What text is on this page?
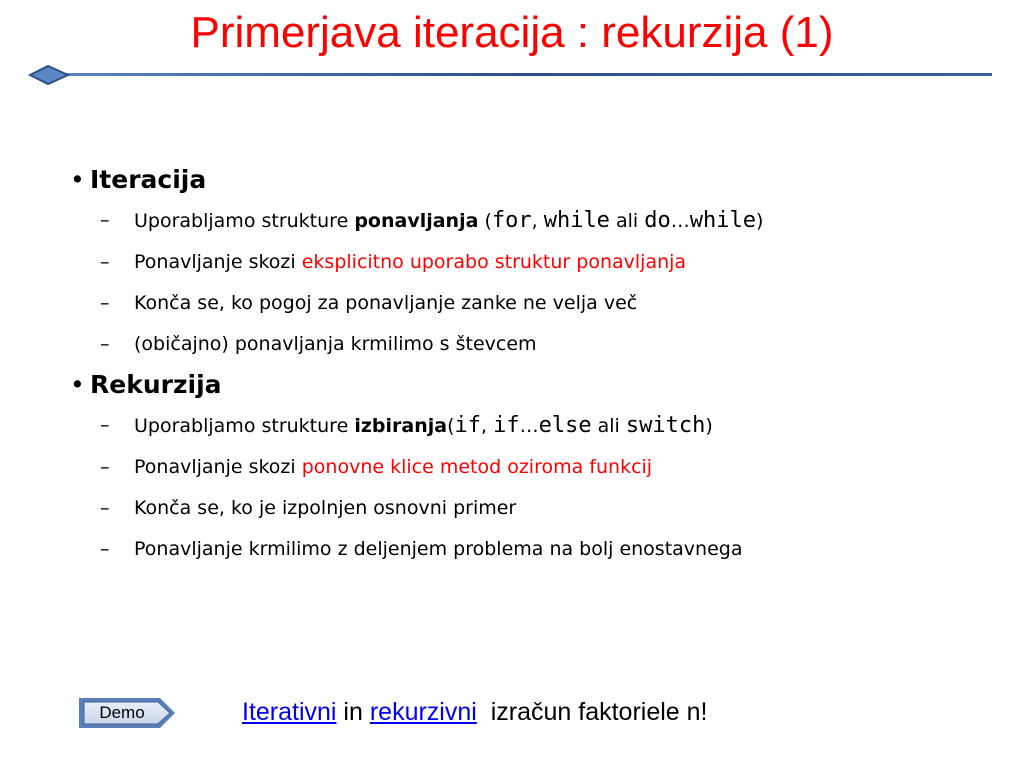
Primerjava iteracija : rekurzija (1)
• Iteracija
– Uporabljamo strukture ponavljanja (for, while ali do…while)
– Ponavljanje skozi eksplicitno uporabo struktur ponavljanja
– Konča se, ko pogoj za ponavljanje zanke ne velja več
– (običajno) ponavljanja krmilimo s števcem
• Rekurzija
– Uporabljamo strukture izbiranja(if, if…else ali switch)
– Ponavljanje skozi ponovne klice metod oziroma funkcij
– Konča se, ko je izpolnjen osnovni primer
– Ponavljanje krmilimo z deljenjem problema na bolj enostavnega
Demo	Iterativni in rekurzivni  izračun faktoriele n!
